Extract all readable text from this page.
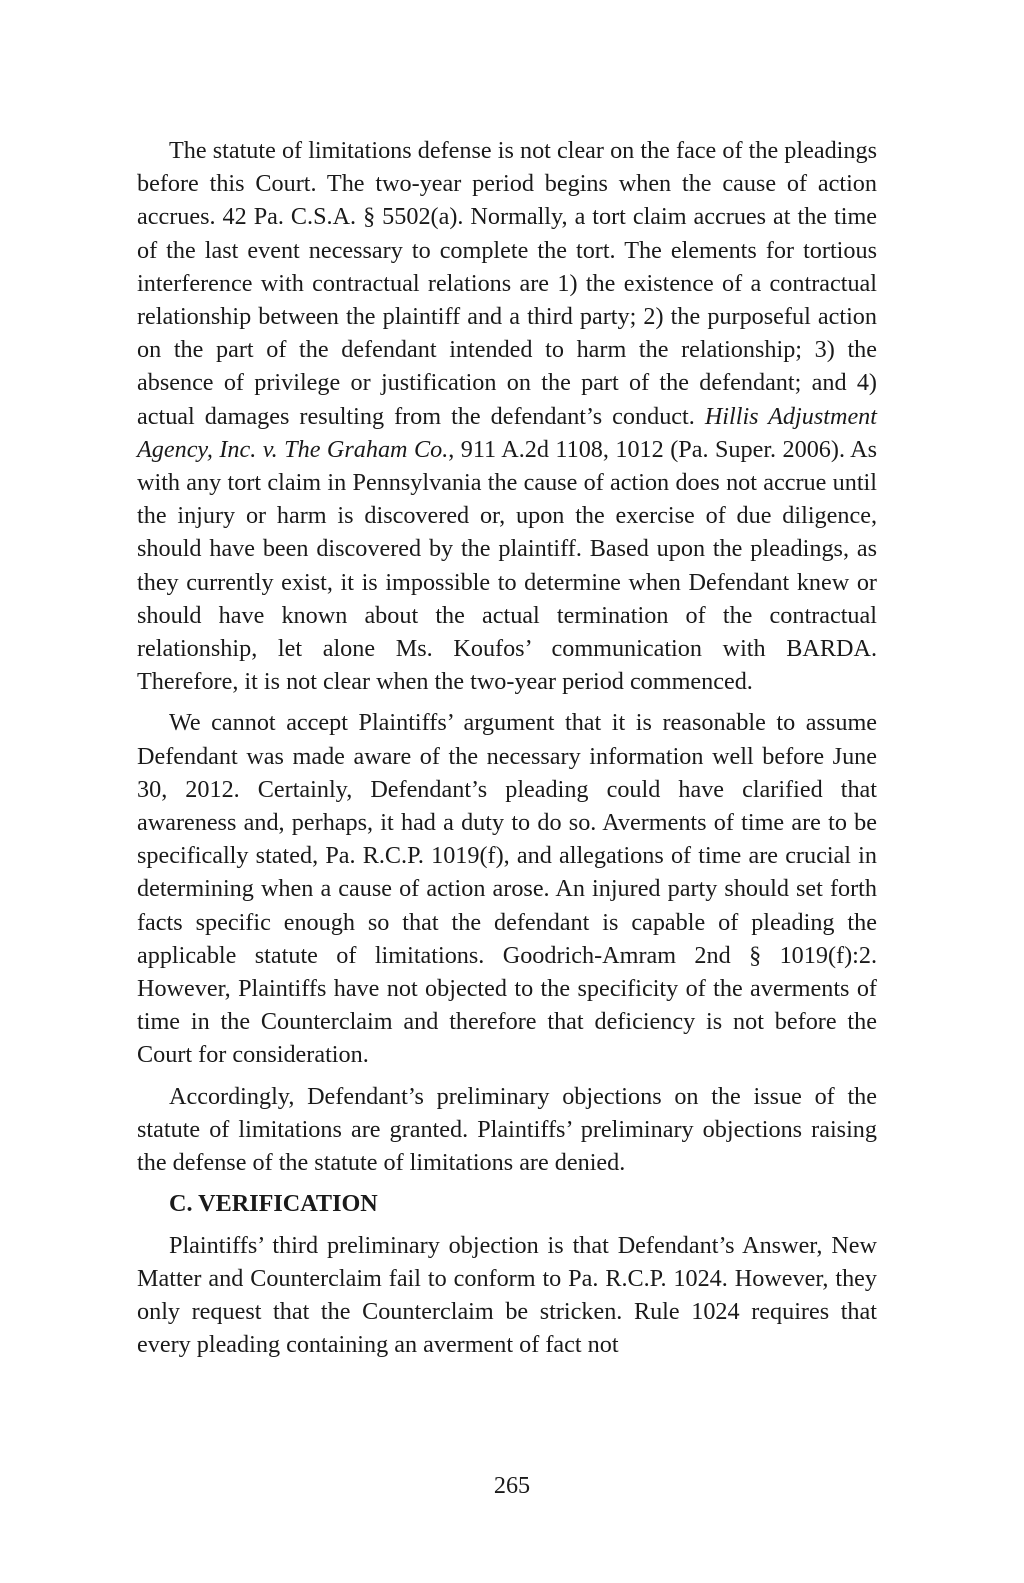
The statute of limitations defense is not clear on the face of the pleadings before this Court. The two-year period begins when the cause of action accrues. 42 Pa. C.S.A. § 5502(a). Normally, a tort claim accrues at the time of the last event necessary to complete the tort. The elements for tortious interference with contractual relations are 1) the existence of a contractual relationship between the plaintiff and a third party; 2) the purposeful action on the part of the defendant intended to harm the relationship; 3) the absence of privilege or justification on the part of the defendant; and 4) actual damages resulting from the defendant’s conduct. Hillis Adjustment Agency, Inc. v. The Graham Co., 911 A.2d 1108, 1012 (Pa. Super. 2006). As with any tort claim in Pennsylvania the cause of action does not accrue until the injury or harm is discovered or, upon the exercise of due diligence, should have been discovered by the plaintiff. Based upon the pleadings, as they currently exist, it is impossible to determine when Defendant knew or should have known about the actual termination of the contractual relationship, let alone Ms. Koufos’ communication with BARDA. Therefore, it is not clear when the two-year period commenced.

We cannot accept Plaintiffs’ argument that it is reasonable to assume Defendant was made aware of the necessary information well before June 30, 2012. Certainly, Defendant’s pleading could have clarified that awareness and, perhaps, it had a duty to do so. Averments of time are to be specifically stated, Pa. R.C.P. 1019(f), and allegations of time are crucial in determining when a cause of action arose. An injured party should set forth facts specific enough so that the defendant is capable of pleading the applicable statute of limitations. Goodrich-Amram 2nd § 1019(f):2. However, Plaintiffs have not objected to the specificity of the averments of time in the Counterclaim and therefore that deficiency is not before the Court for consideration.

Accordingly, Defendant’s preliminary objections on the issue of the statute of limitations are granted. Plaintiffs’ preliminary objections raising the defense of the statute of limitations are denied.

C. VERIFICATION

Plaintiffs’ third preliminary objection is that Defendant’s Answer, New Matter and Counterclaim fail to conform to Pa. R.C.P. 1024. However, they only request that the Counterclaim be stricken. Rule 1024 requires that every pleading containing an averment of fact not

265
